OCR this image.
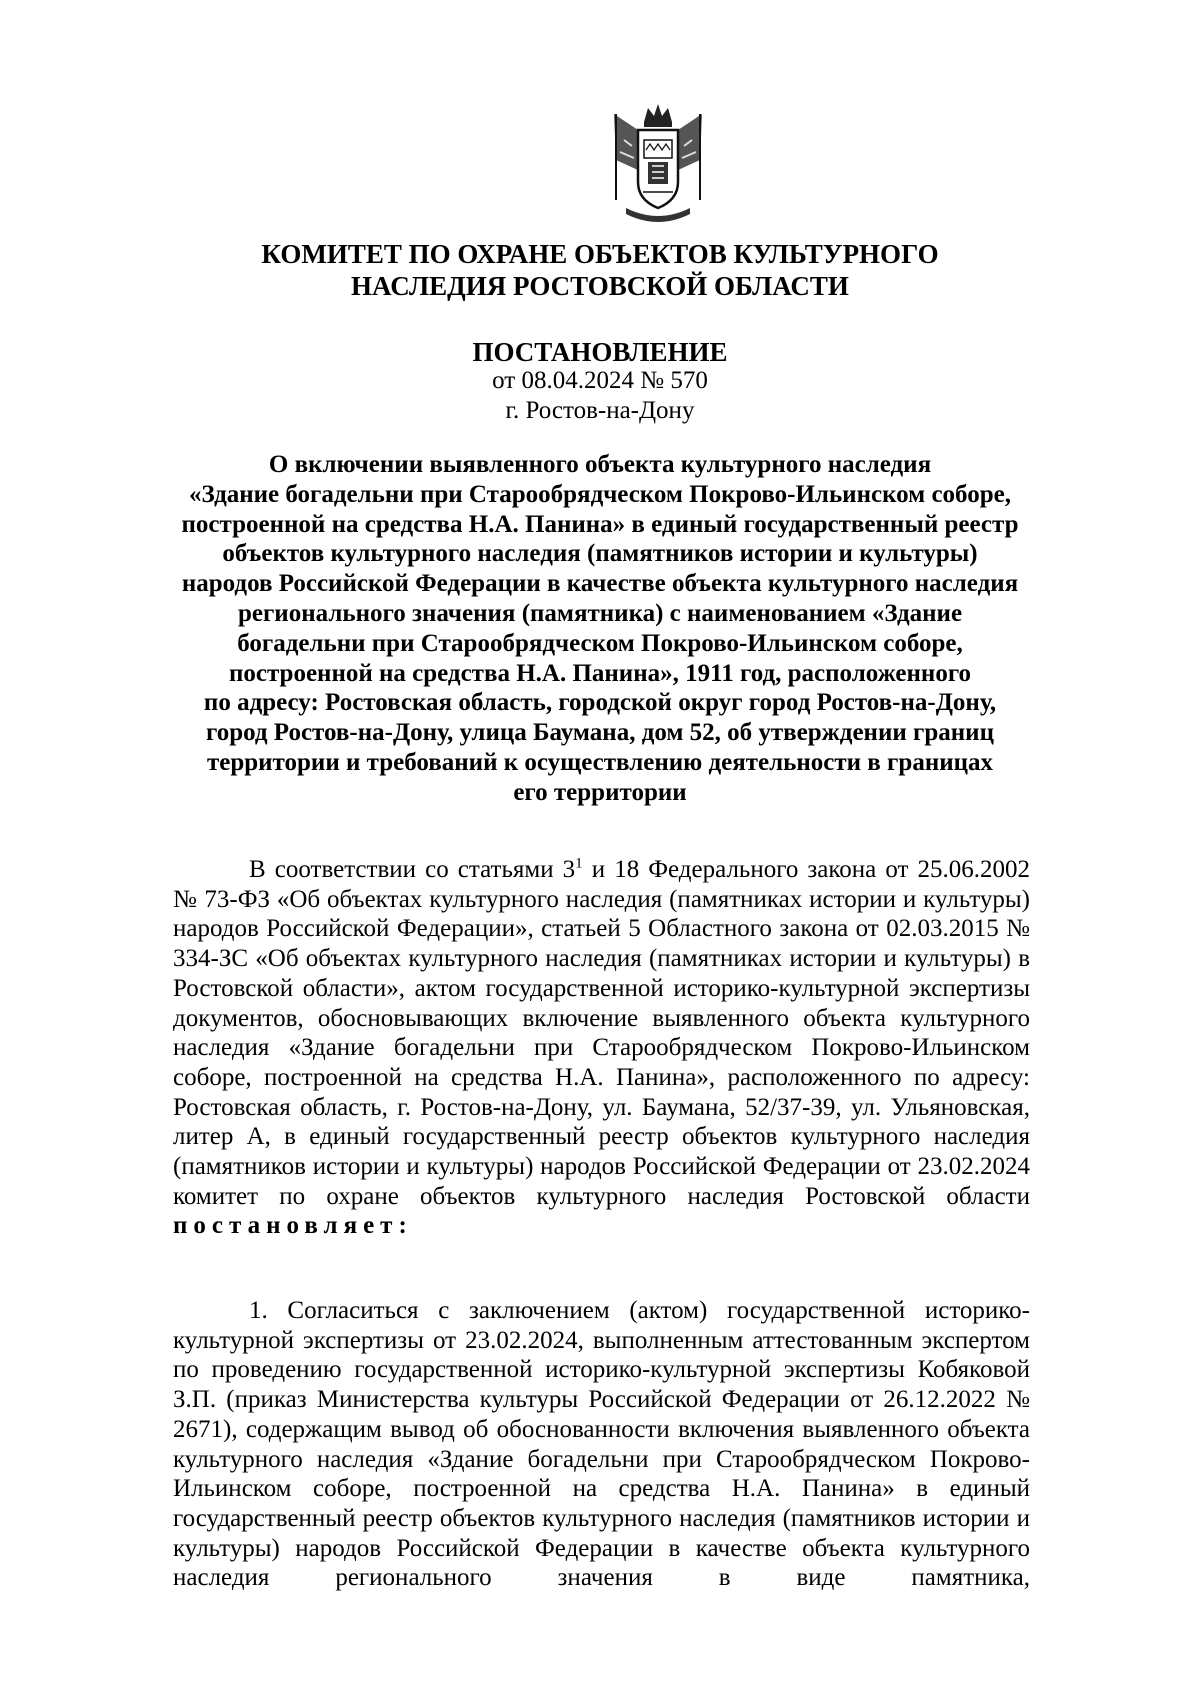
КОМИТЕТ ПО ОХРАНЕ ОБЪЕКТОВ КУЛЬТУРНОГО
НАСЛЕДИЯ РОСТОВСКОЙ ОБЛАСТИ
ПОСТАНОВЛЕНИЕ

от 08.04.2024 № 570

г. Ростов-на-Дону

О включении выявленного объекта культурного наследия
«Здание богадельни при Старообрядческом Покрово-Ильинском соборе,
построенной на средства Н.А. Панина» в единый государственный реестр
объектов культурного наследия (памятников истории и культуры)
народов Российской Федерации в качестве объекта культурного наследия
регионального значения (памятника) с наименованием «Здание
богадельни при Старообрядческом Покрово-Ильинском соборе,
построенной на средства Н.А. Панина», 1911 год, расположенного
по адресу: Ростовская область, городской округ город Ростов-на-Дону,
город Ростов-на-Дону, улица Баумана, дом 52, об утверждении границ
территории и требований к осуществлению деятельности в границах
его территории

В соответствии со статьями $3^1$ и 18 Федерального закона от 25.06.2002 № 73-ФЗ «Об объектах культурного наследия (памятниках истории и культуры) народов Российской Федерации», статьей 5 Областного закона от 02.03.2015 № 334-ЗС «Об объектах культурного наследия (памятниках истории и культуры) в Ростовской области», актом государственной историко-культурной экспертизы документов, обосновывающих включение выявленного объекта культурного наследия «Здание богадельни при Старообрядческом Покрово-Ильинском соборе, построенной на средства Н.А. Панина», расположенного по адресу: Ростовская область, г. Ростов-на-Дону, ул. Баумана, 52/37-39, ул. Ульяновская, литер А, в единый государственный реестр объектов культурного наследия (памятников истории и культуры) народов Российской Федерации от 23.02.2024 комитет по охране объектов культурного наследия Ростовской области постановляет:

1. Согласиться с заключением (актом) государственной историко-культурной экспертизы от 23.02.2024, выполненным аттестованным экспертом по проведению государственной историко-культурной экспертизы Кобяковой З.П. (приказ Министерства культуры Российской Федерации от 26.12.2022 № 2671), содержащим вывод об обоснованности включения выявленного объекта культурного наследия «Здание богадельни при Старообрядческом Покрово-Ильинском соборе, построенной на средства Н.А. Панина» в единый государственный реестр объектов культурного наследия (памятников истории и культуры) народов Российской Федерации в качестве объекта культурного наследия регионального значения в виде памятника,
